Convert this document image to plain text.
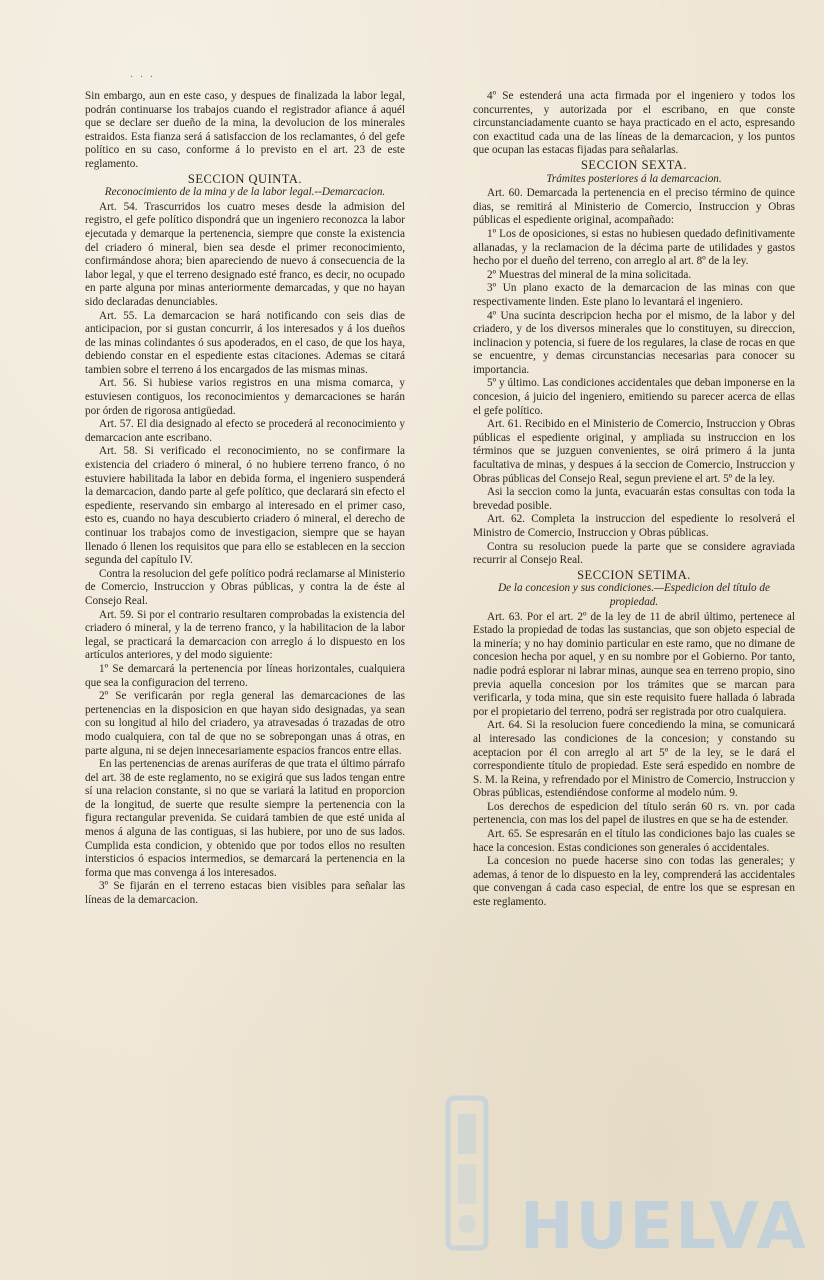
· · ·

Sin embargo, aun en este caso, y despues de finalizada la labor legal, podrán continuarse los trabajos cuando el registrador afiance á aquél que se declare ser dueño de la mina, la devolucion de los minerales estraidos. Esta fianza será á satisfaccion de los reclamantes, ó del gefe político en su caso, conforme á lo previsto en el art. 23 de este reglamento.

SECCION QUINTA.
Reconocimiento de la mina y de la labor legal.--Demarcacion.

Art. 54. Trascurridos los cuatro meses desde la admision del registro, el gefe político dispondrá que un ingeniero reconozca la labor ejecutada y demarque la pertenencia, siempre que conste la existencia del criadero ó mineral, bien sea desde el primer reconocimiento, confirmándose ahora; bien apareciendo de nuevo á consecuencia de la labor legal, y que el terreno designado esté franco, es decir, no ocupado en parte alguna por minas anteriormente demarcadas, y que no hayan sido declaradas denunciables.

Art. 55. La demarcacion se hará notificando con seis dias de anticipacion, por si gustan concurrir, á los interesados y á los dueños de las minas colindantes ó sus apoderados, en el caso, de que los haya, debiendo constar en el espediente estas citaciones. Ademas se citará tambien sobre el terreno á los encargados de las mismas minas.

Art. 56. Si hubiese varios registros en una misma comarca, y estuviesen contiguos, los reconocimientos y demarcaciones se harán por órden de rigorosa antigüedad.

Art. 57. El dia designado al efecto se procederá al reconocimiento y demarcacion ante escribano.

Art. 58. Si verificado el reconocimiento, no se confirmare la existencia del criadero ó mineral, ó no hubiere terreno franco, ó no estuviere habilitada la labor en debida forma, el ingeniero suspenderá la demarcacion, dando parte al gefe político, que declarará sin efecto el espediente, reservando sin embargo al interesado en el primer caso, esto es, cuando no haya descubierto criadero ó mineral, el derecho de continuar los trabajos como de investigacion, siempre que se hayan llenado ó llenen los requisitos que para ello se establecen en la seccion segunda del capítulo IV.

Contra la resolucion del gefe político podrá reclamarse al Ministerio de Comercio, Instruccion y Obras públicas, y contra la de éste al Consejo Real.

Art. 59. Si por el contrario resultaren comprobadas la existencia del criadero ó mineral, y la de terreno franco, y la habilitacion de la labor legal, se practicará la demarcacion con arreglo á lo dispuesto en los artículos anteriores, y del modo siguiente:

1º Se demarcará la pertenencia por líneas horizontales, cualquiera que sea la configuracion del terreno.

2º Se verificarán por regla general las demarcaciones de las pertenencias en la disposicion en que hayan sido designadas, ya sean con su longitud al hilo del criadero, ya atravesadas ó trazadas de otro modo cualquiera, con tal de que no se sobrepongan unas á otras, en parte alguna, ni se dejen innecesariamente espacios francos entre ellas.

En las pertenencias de arenas auríferas de que trata el último párrafo del art. 38 de este reglamento, no se exigirá que sus lados tengan entre sí una relacion constante, si no que se variará la latitud en proporcion de la longitud, de suerte que resulte siempre la pertenencia con la figura rectangular prevenida. Se cuidará tambien de que esté unida al menos á alguna de las contiguas, si las hubiere, por uno de sus lados. Cumplida esta condicion, y obtenido que por todos ellos no resulten intersticios ó espacios intermedios, se demarcará la pertenencia en la forma que mas convenga á los interesados.

3º Se fijarán en el terreno estacas bien visibles para señalar las líneas de la demarcacion.

4º Se estenderá una acta firmada por el ingeniero y todos los concurrentes, y autorizada por el escribano, en que conste circunstanciadamente cuanto se haya practicado en el acto, espresando con exactitud cada una de las líneas de la demarcacion, y los puntos que ocupan las estacas fijadas para señalarlas.

SECCION SEXTA.
Trámites posteriores á la demarcacion.

Art. 60. Demarcada la pertenencia en el preciso término de quince dias, se remitirá al Ministerio de Comercio, Instruccion y Obras públicas el espediente original, acompañado:

1º Los de oposiciones, si estas no hubiesen quedado definitivamente allanadas, y la reclamacion de la décima parte de utilidades y gastos hecho por el dueño del terreno, con arreglo al art. 8º de la ley.

2º Muestras del mineral de la mina solicitada.

3º Un plano exacto de la demarcacion de las minas con que respectivamente linden. Este plano lo levantará el ingeniero.

4º Una sucinta descripcion hecha por el mismo, de la labor y del criadero, y de los diversos minerales que lo constituyen, su direccion, inclinacion y potencia, si fuere de los regulares, la clase de rocas en que se encuentre, y demas circunstancias necesarias para conocer su importancia.

5º y último. Las condiciones accidentales que deban imponerse en la concesion, á juicio del ingeniero, emitiendo su parecer acerca de ellas el gefe político.

Art. 61. Recibido en el Ministerio de Comercio, Instruccion y Obras públicas el espediente original, y ampliada su instruccion en los términos que se juzguen convenientes, se oirá primero á la junta facultativa de minas, y despues á la seccion de Comercio, Instruccion y Obras públicas del Consejo Real, segun previene el art. 5º de la ley.

Asi la seccion como la junta, evacuarán estas consultas con toda la brevedad posible.

Art. 62. Completa la instruccion del espediente lo resolverá el Ministro de Comercio, Instruccion y Obras públicas.

Contra su resolucion puede la parte que se considere agraviada recurrir al Consejo Real.

SECCION SETIMA.
De la concesion y sus condiciones.—Espedicion del título de propiedad.

Art. 63. Por el art. 2º de la ley de 11 de abril último, pertenece al Estado la propiedad de todas las sustancias, que son objeto especial de la minería; y no hay dominio particular en este ramo, que no dimane de concesion hecha por aquel, y en su nombre por el Gobierno. Por tanto, nadie podrá esplorar ni labrar minas, aunque sea en terreno propio, sino previa aquella concesion por los trámites que se marcan para verificarla, y toda mina, que sin este requisito fuere hallada ó labrada por el propietario del terreno, podrá ser registrada por otro cualquiera.

Art. 64. Si la resolucion fuere concediendo la mina, se comunicará al interesado las condiciones de la concesion; y constando su aceptacion por él con arreglo al art 5º de la ley, se le dará el correspondiente título de propiedad. Este será espedido en nombre de S. M. la Reina, y refrendado por el Ministro de Comercio, Instruccion y Obras públicas, estendiéndose conforme al modelo núm. 9.

Los derechos de espedicion del título serán 60 rs. vn. por cada pertenencia, con mas los del papel de ilustres en que se ha de estender.

Art. 65. Se espresarán en el título las condiciones bajo las cuales se hace la concesion. Estas condiciones son generales ó accidentales.

La concesion no puede hacerse sino con todas las generales; y ademas, á tenor de lo dispuesto en la ley, comprenderá las accidentales que convengan á cada caso especial, de entre los que se espresan en este reglamento.

HUELVA
